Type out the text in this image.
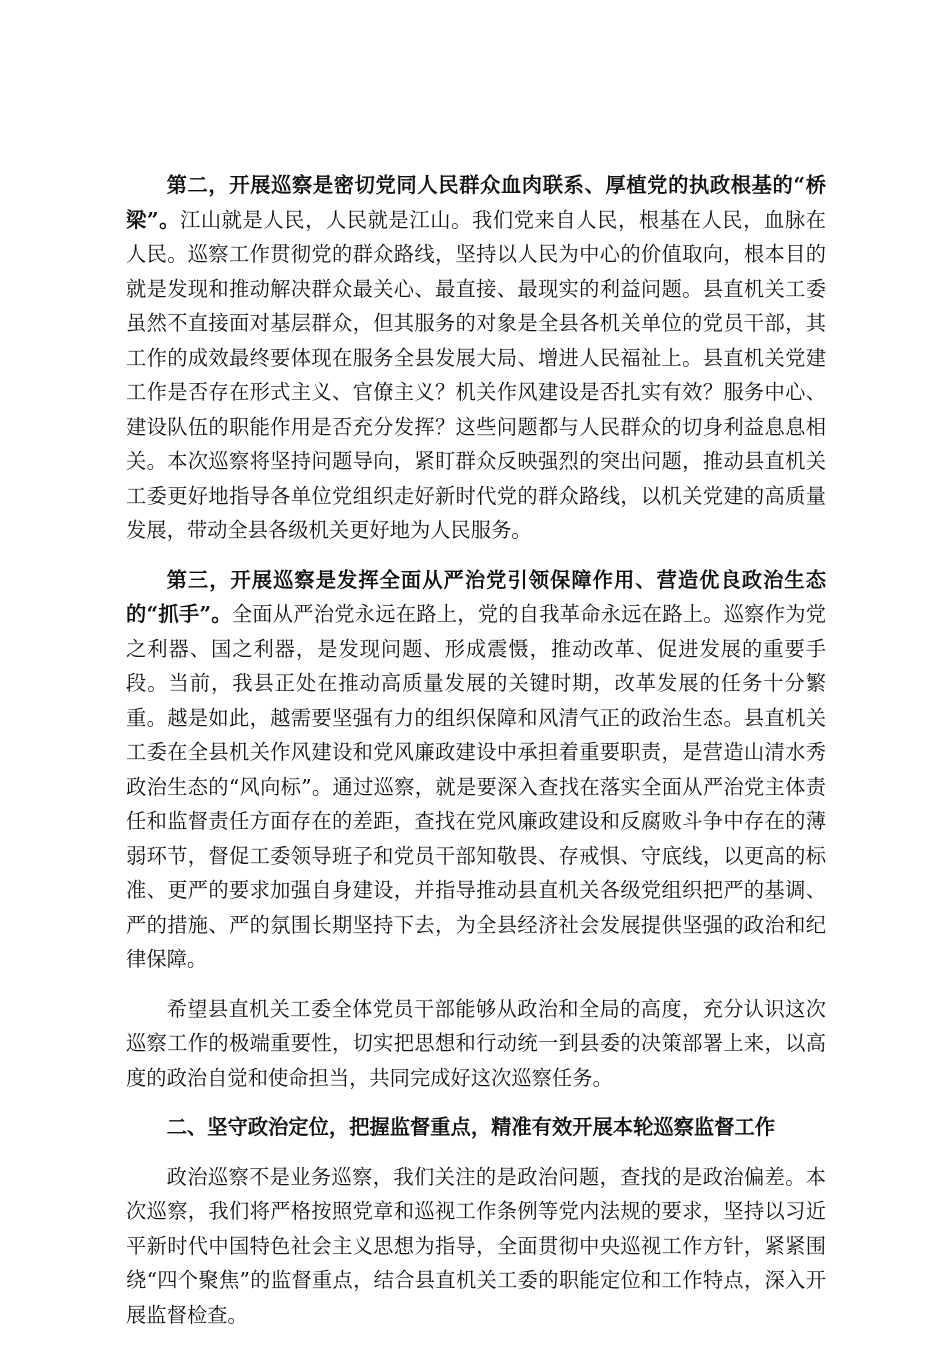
第二，开展巡察是密切党同人民群众血肉联系、厚植党的执政根基的“桥梁”。江山就是人民，人民就是江山。我们党来自人民，根基在人民，血脉在人民。巡察工作贯彻党的群众路线，坚持以人民为中心的价值取向，根本目的就是发现和推动解决群众最关心、最直接、最现实的利益问题。县直机关工委虽然不直接面对基层群众，但其服务的对象是全县各机关单位的党员干部，其工作的成效最终要体现在服务全县发展大局、增进人民福祉上。县直机关党建工作是否存在形式主义、官僚主义？机关作风建设是否扎实有效？服务中心、建设队伍的职能作用是否充分发挥？这些问题都与人民群众的切身利益息息相关。本次巡察将坚持问题导向，紧盯群众反映强烈的突出问题，推动县直机关工委更好地指导各单位党组织走好新时代党的群众路线，以机关党建的高质量发展，带动全县各级机关更好地为人民服务。

第三，开展巡察是发挥全面从严治党引领保障作用、营造优良政治生态的“抓手”。全面从严治党永远在路上，党的自我革命永远在路上。巡察作为党之利器、国之利器，是发现问题、形成震慑，推动改革、促进发展的重要手段。当前，我县正处在推动高质量发展的关键时期，改革发展的任务十分繁重。越是如此，越需要坚强有力的组织保障和风清气正的政治生态。县直机关工委在全县机关作风建设和党风廉政建设中承担着重要职责，是营造山清水秀政治生态的“风向标”。通过巡察，就是要深入查找在落实全面从严治党主体责任和监督责任方面存在的差距，查找在党风廉政建设和反腐败斗争中存在的薄弱环节，督促工委领导班子和党员干部知敬畏、存戒惧、守底线，以更高的标准、更严的要求加强自身建设，并指导推动县直机关各级党组织把严的基调、严的措施、严的氛围长期坚持下去，为全县经济社会发展提供坚强的政治和纪律保障。

希望县直机关工委全体党员干部能够从政治和全局的高度，充分认识这次巡察工作的极端重要性，切实把思想和行动统一到县委的决策部署上来，以高度的政治自觉和使命担当，共同完成好这次巡察任务。

二、坚守政治定位，把握监督重点，精准有效开展本轮巡察监督工作

政治巡察不是业务巡察，我们关注的是政治问题，查找的是政治偏差。本次巡察，我们将严格按照党章和巡视工作条例等党内法规的要求，坚持以习近平新时代中国特色社会主义思想为指导，全面贯彻中央巡视工作方针，紧紧围绕“四个聚焦”的监督重点，结合县直机关工委的职能定位和工作特点，深入开展监督检查。
